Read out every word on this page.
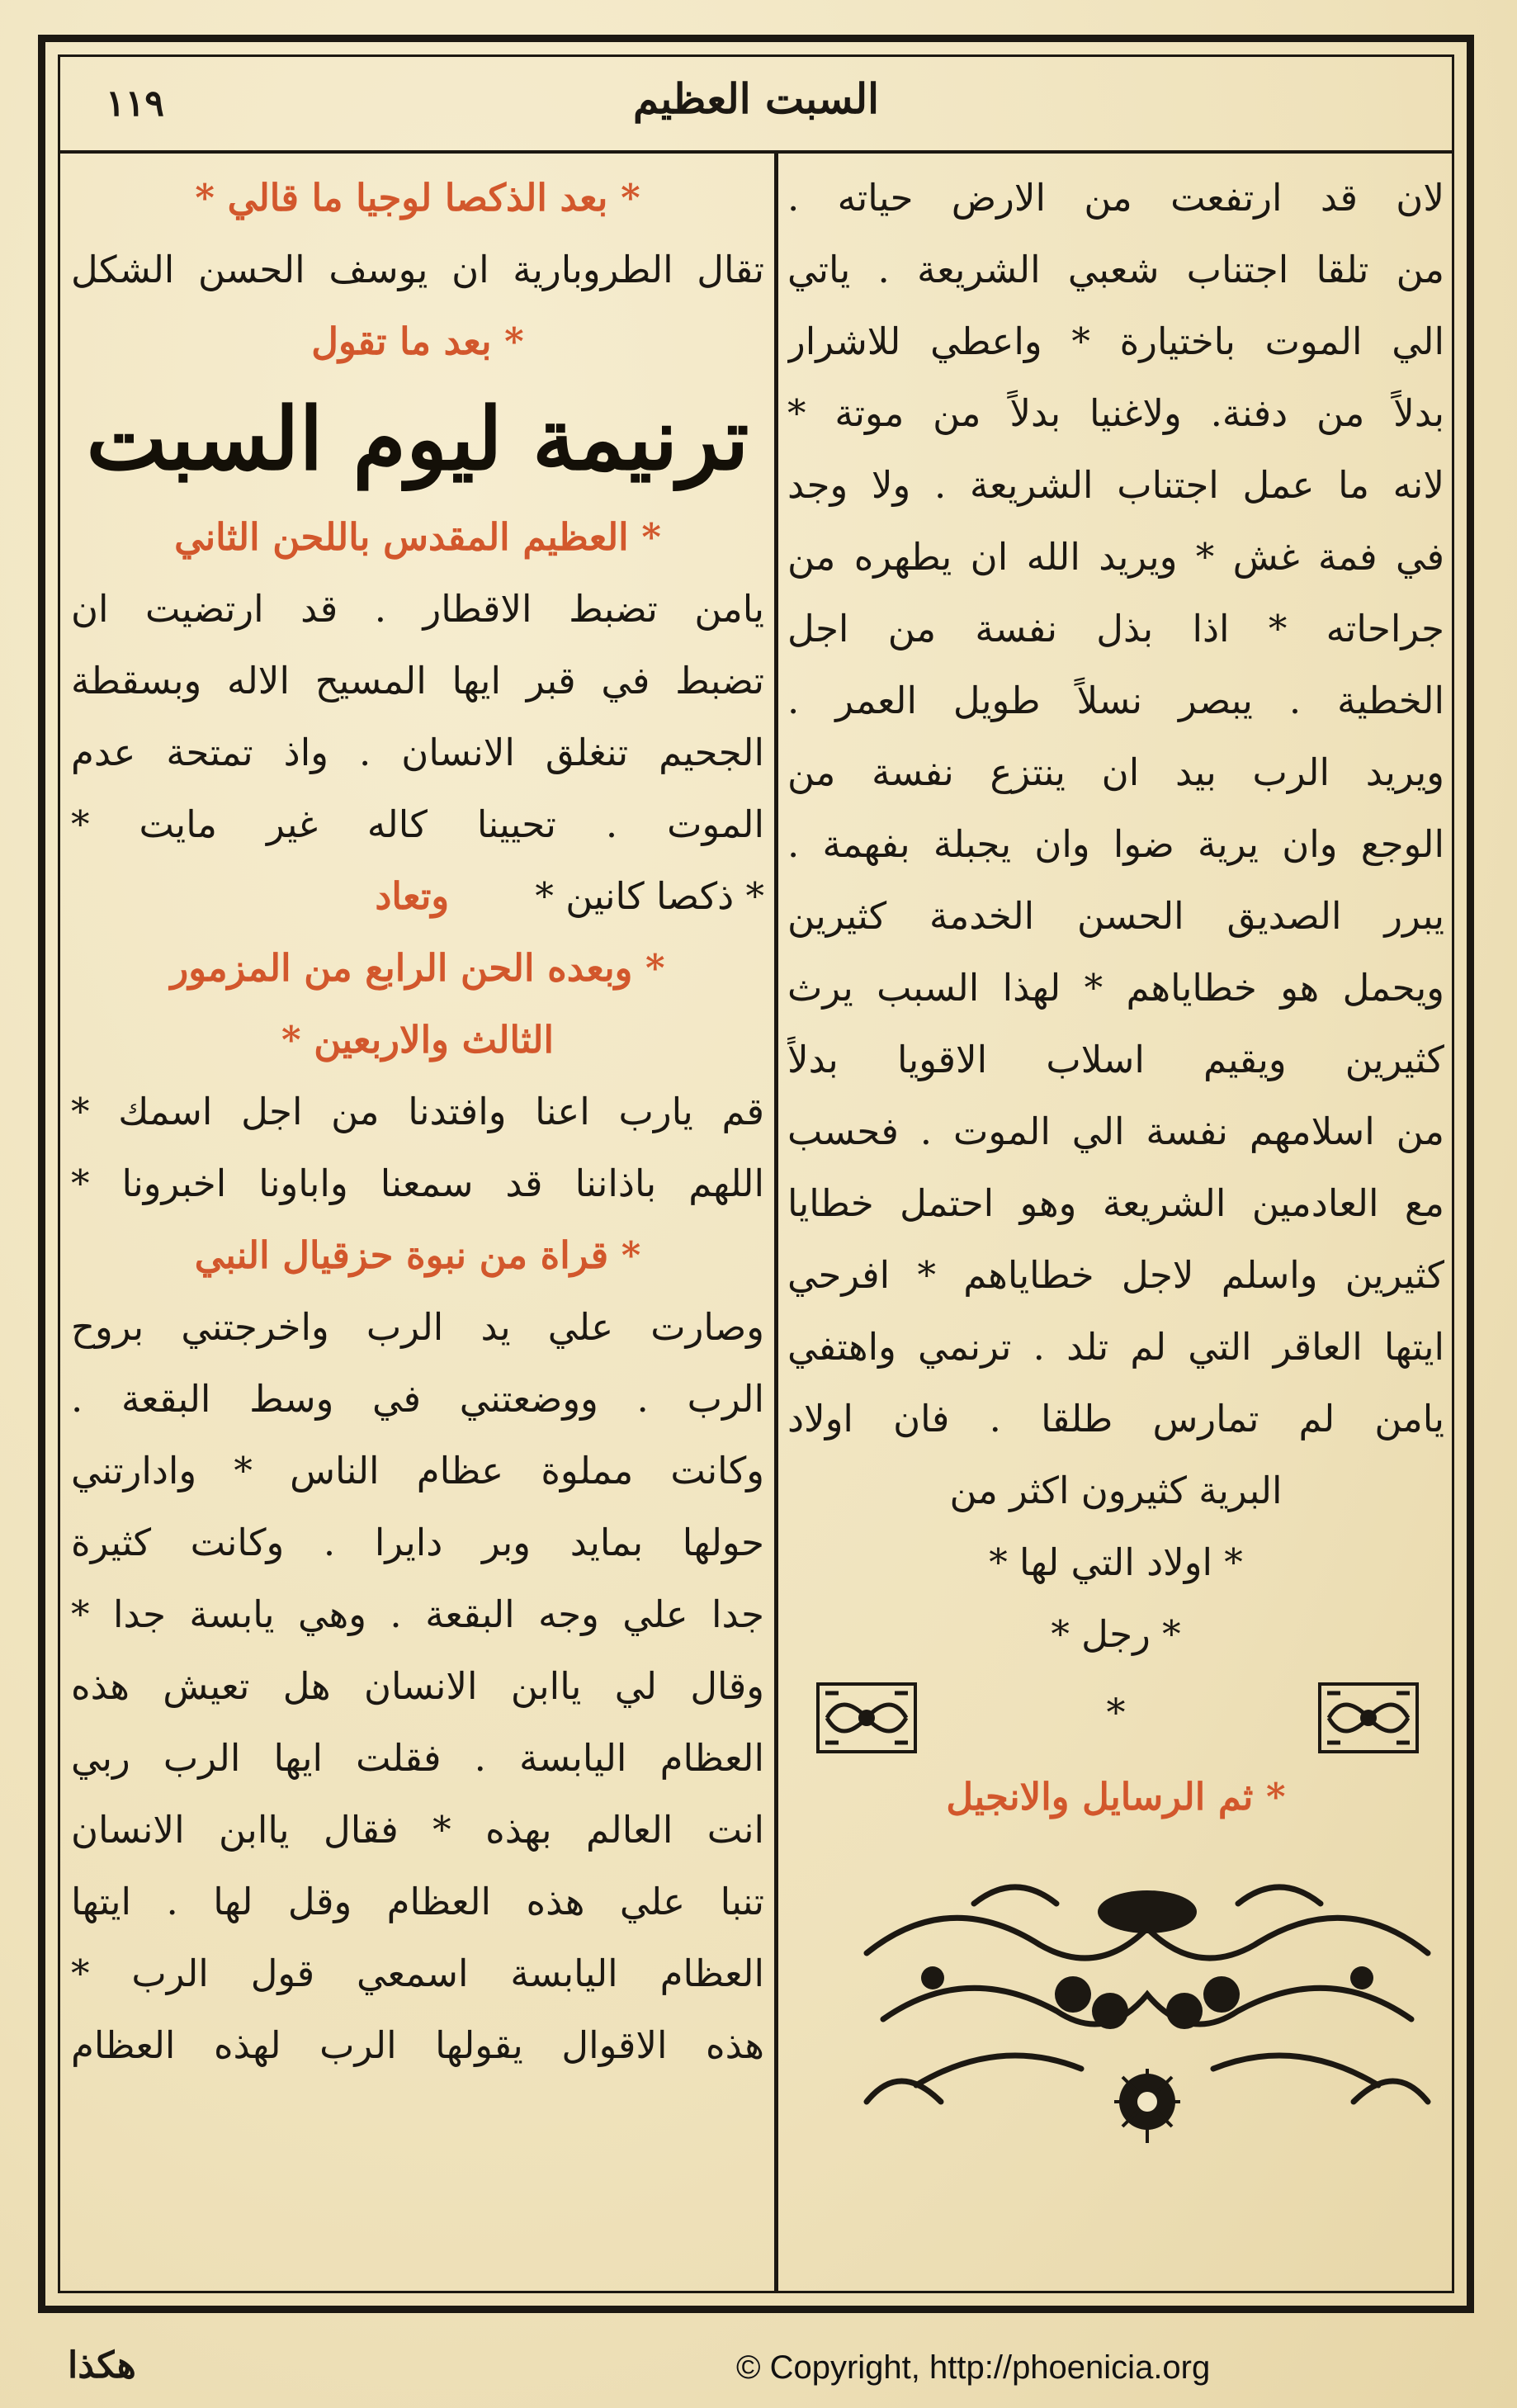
١١٩	السبت العظيم
لان قد ارتفعت من الارض حياته .
من تلقا اجتناب شعبي الشريعة . ياتي
الي الموت باختيارة * واعطي للاشرار
بدلاً من دفنة. ولاغنيا بدلاً من موتة *
لانه ما عمل اجتناب الشريعة . ولا وجد
في فمة غش * ويريد الله ان يطهره من
جراحاته * اذا بذل نفسة من اجل
الخطية . يبصر نسلاً طويل العمر .
ويريد الرب بيد ان ينتزع نفسة من
الوجع وان يرية ضوا وان يجبلة بفهمة .
يبرر الصديق الحسن الخدمة كثيرين
ويحمل هو خطاياهم * لهذا السبب يرث
كثيرين ويقيم اسلاب الاقويا بدلاً
من اسلامهم نفسة الي الموت . فحسب
مع العادمين الشريعة وهو احتمل خطايا
كثيرين واسلم لاجل خطاياهم * افرحي
ايتها العاقر التي لم تلد . ترنمي واهتفي
يامن لم تمارس طلقا . فان اولاد
البرية كثيرون اكثر من
* اولاد التي لها *
* رجل *
*
* ثم الرسايل والانجيل
* بعد الذكصا لوجيا ما قالي *
تقال الطروبارية ان يوسف الحسن الشكل
* بعد ما تقول
ترنيمة ليوم السبت
* العظيم المقدس باللحن الثاني
يامن تضبط الاقطار . قد ارتضيت ان
تضبط في قبر ايها المسيح الاله وبسقطة
الجحيم تنغلق الانسان . واذ تمتحة عدم
الموت . تحيينا كاله غير مايت *
* ذكصا كانين * وتعاد
* وبعده الحن الرابع من المزمور
الثالث والاربعين *
قم يارب اعنا وافتدنا من اجل اسمك *
اللهم باذاننا قد سمعنا واباونا اخبرونا *
* قراة من نبوة حزقيال النبي
وصارت علي يد الرب واخرجتني بروح
الرب . ووضعتني في وسط البقعة .
وكانت مملوة عظام الناس * وادارتني
حولها بمايد وبر دايرا . وكانت كثيرة
جدا علي وجه البقعة . وهي يابسة جدا *
وقال لي ياابن الانسان هل تعيش هذه
العظام اليابسة . فقلت ايها الرب ربي
انت العالم بهذه * فقال ياابن الانسان
تنبا علي هذه العظام وقل لها . ايتها
العظام اليابسة اسمعي قول الرب *
هذه الاقوال يقولها الرب لهذه العظام
هكذا	© Copyright, http://phoenicia.org
